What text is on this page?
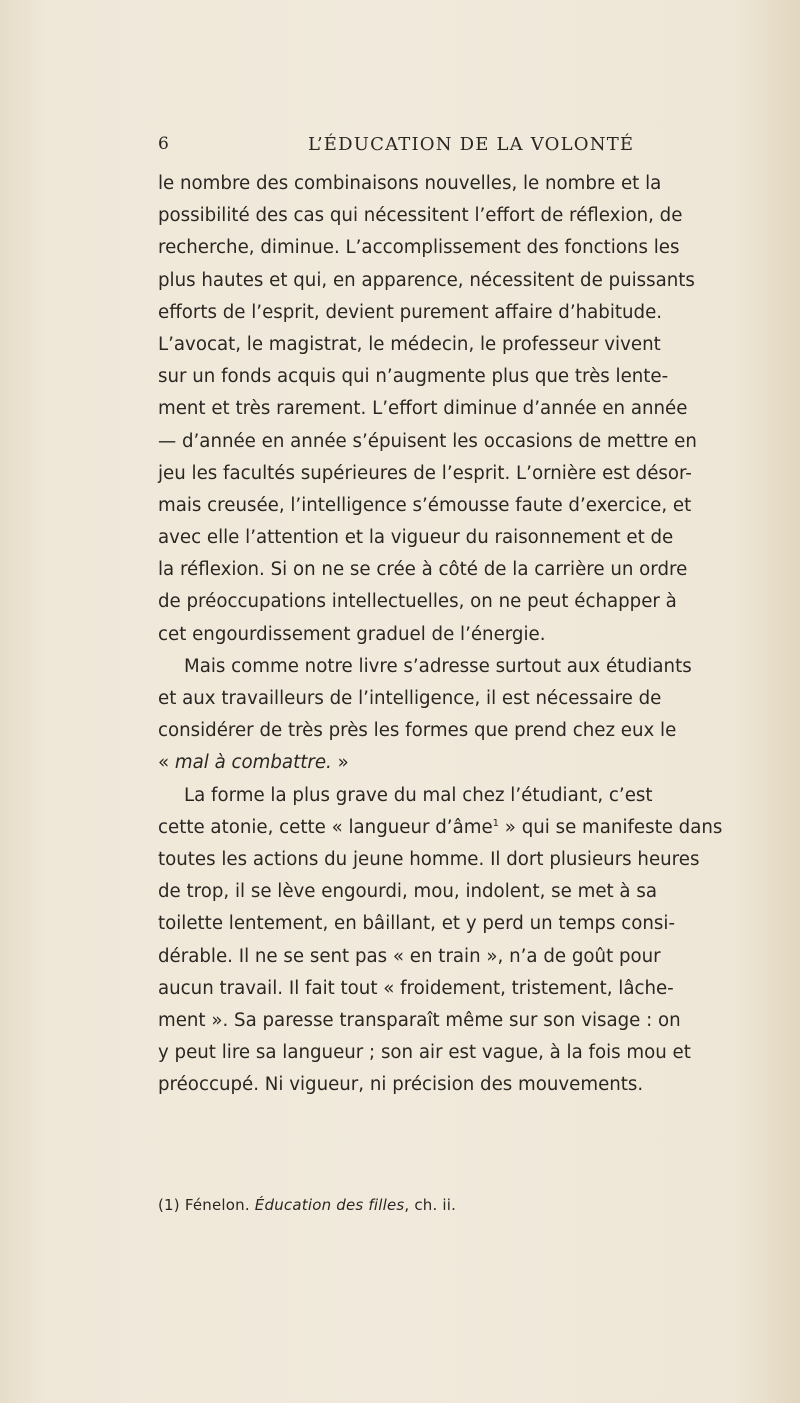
6	L’ÉDUCATION DE LA VOLONTÉ
le nombre des combinaisons nouvelles, le nombre et la
possibilité des cas qui nécessitent l’effort de réflexion, de
recherche, diminue. L’accomplissement des fonctions les
plus hautes et qui, en apparence, nécessitent de puissants
efforts de l’esprit, devient purement affaire d’habitude.
L’avocat, le magistrat, le médecin, le professeur vivent
sur un fonds acquis qui n’augmente plus que très lente-
ment et très rarement. L’effort diminue d’année en année
— d’année en année s’épuisent les occasions de mettre en
jeu les facultés supérieures de l’esprit. L’ornière est désor-
mais creusée, l’intelligence s’émousse faute d’exercice, et
avec elle l’attention et la vigueur du raisonnement et de
la réflexion. Si on ne se crée à côté de la carrière un ordre
de préoccupations intellectuelles, on ne peut échapper à
cet engourdissement graduel de l’énergie.
Mais comme notre livre s’adresse surtout aux étudiants
et aux travailleurs de l’intelligence, il est nécessaire de
considérer de très près les formes que prend chez eux le
« mal à combattre. »
La forme la plus grave du mal chez l’étudiant, c’est
cette atonie, cette « langueur d’âme$^1$ » qui se manifeste dans
toutes les actions du jeune homme. Il dort plusieurs heures
de trop, il se lève engourdi, mou, indolent, se met à sa
toilette lentement, en bâillant, et y perd un temps consi-
dérable. Il ne se sent pas « en train », n’a de goût pour
aucun travail. Il fait tout « froidement, tristement, lâche-
ment ». Sa paresse transparaît même sur son visage : on
y peut lire sa langueur ; son air est vague, à la fois mou et
préoccupé. Ni vigueur, ni précision des mouvements.
(1) Fénelon. Éducation des filles, ch. ii.
